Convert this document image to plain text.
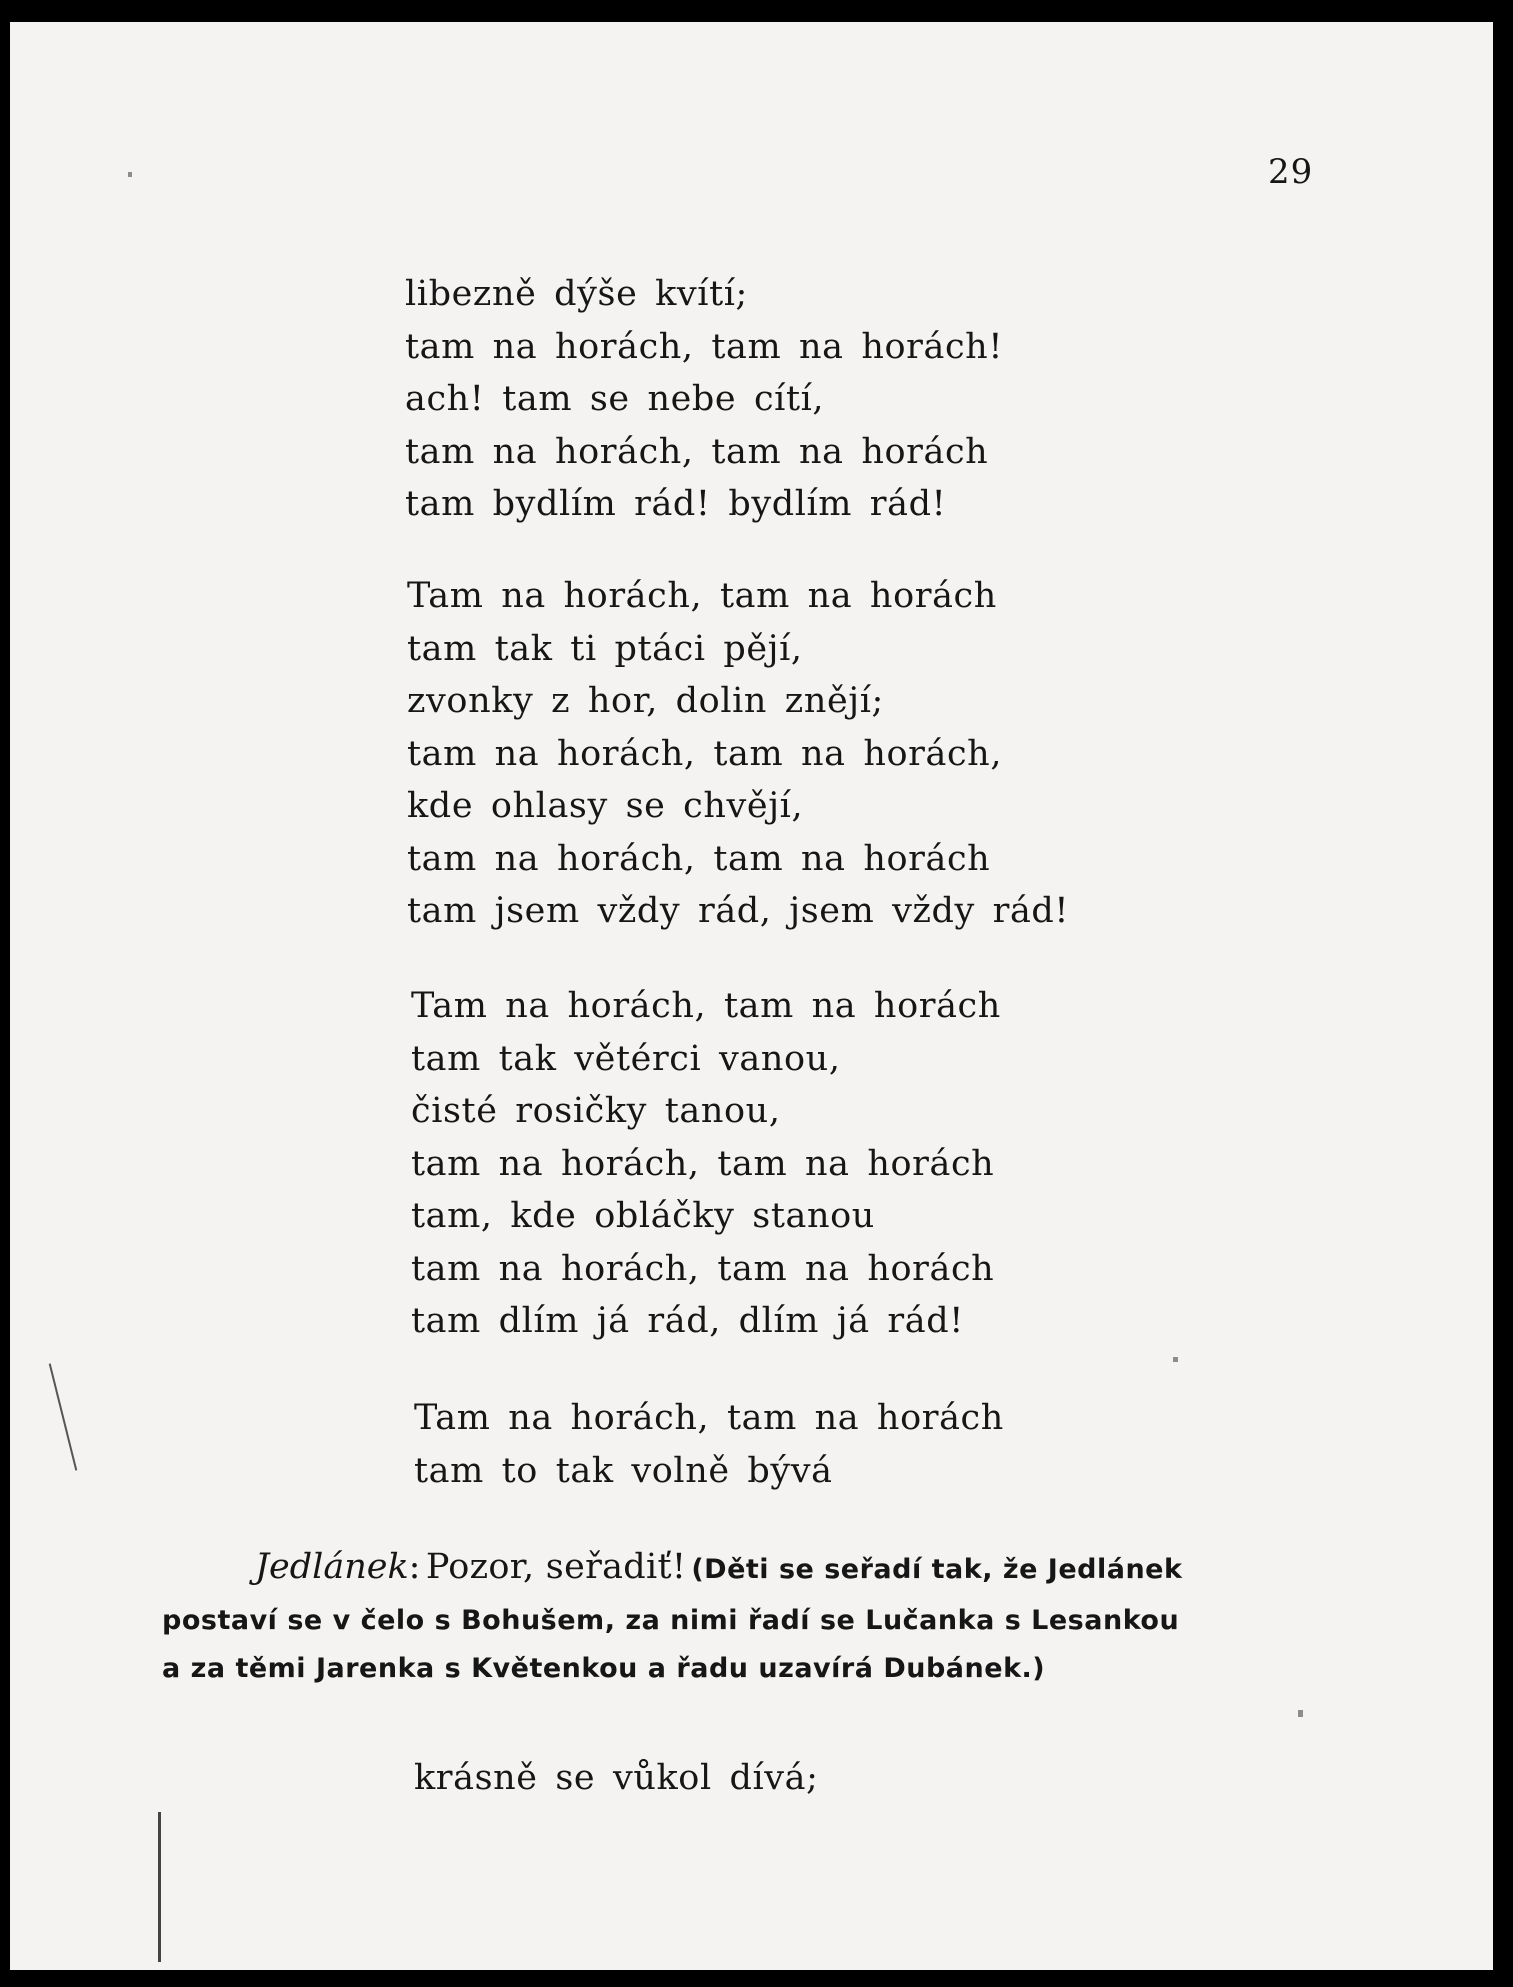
29
libezně dýše kvítí;
tam na horách, tam na horách!
ach! tam se nebe cítí,
tam na horách, tam na horách
tam bydlím rád! bydlím rád!
Tam na horách, tam na horách
tam tak ti ptáci pějí,
zvonky z hor, dolin znějí;
tam na horách, tam na horách,
kde ohlasy se chvějí,
tam na horách, tam na horách
tam jsem vždy rád, jsem vždy rád!
Tam na horách, tam na horách
tam tak větérci vanou,
čisté rosičky tanou,
tam na horách, tam na horách
tam, kde obláčky stanou
tam na horách, tam na horách
tam dlím já rád, dlím já rád!
Tam na horách, tam na horách
tam to tak volně bývá
Jedlánek: Pozor, seřadiť! (Děti se seřadí tak, že Jedlánek
postaví se v čelo s Bohušem, za nimi řadí se Lučanka s Lesankou
a za těmi Jarenka s Květenkou a řadu uzavírá Dubánek.)
krásně se vůkol dívá;
